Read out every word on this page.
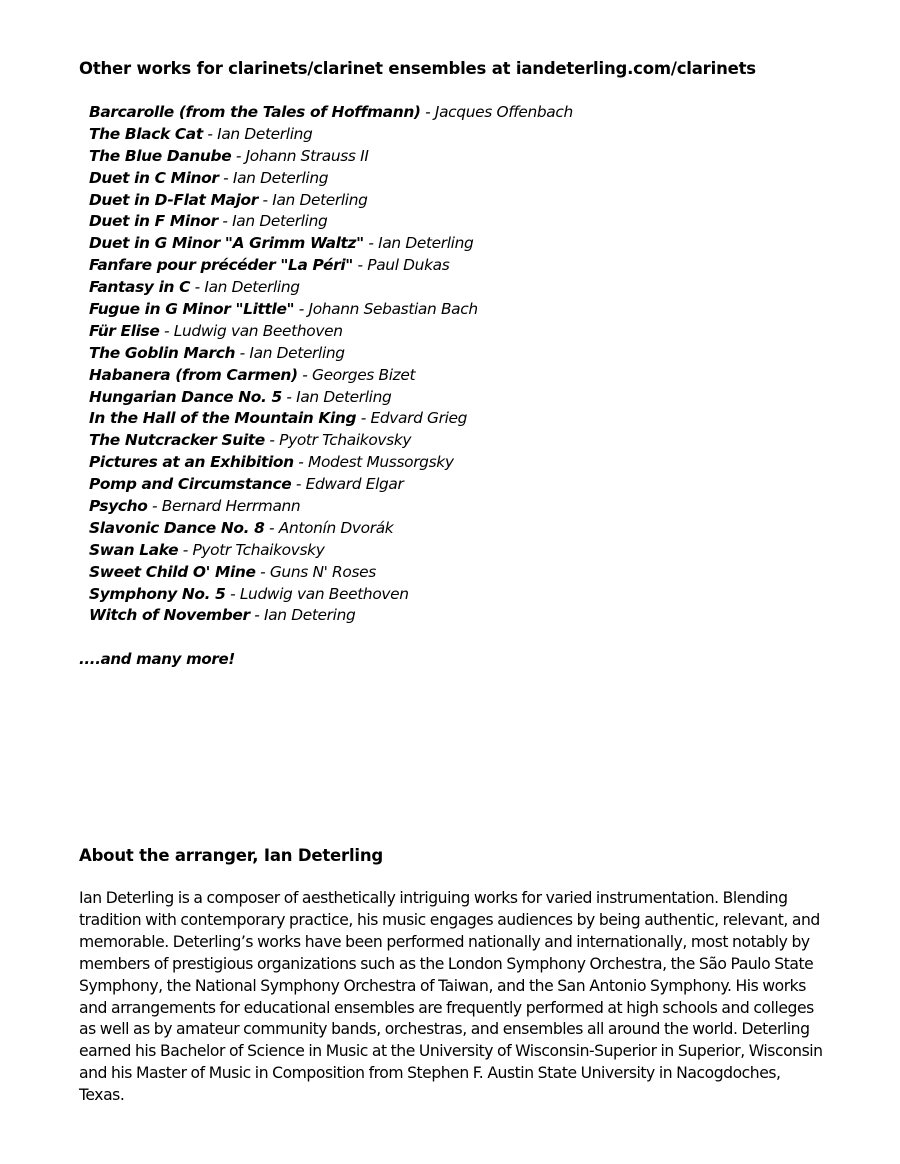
Other works for clarinets/clarinet ensembles at iandeterling.com/clarinets
Barcarolle (from the Tales of Hoffmann) - Jacques Offenbach
The Black Cat - Ian Deterling
The Blue Danube - Johann Strauss II
Duet in C Minor - Ian Deterling
Duet in D-Flat Major - Ian Deterling
Duet in F Minor - Ian Deterling
Duet in G Minor "A Grimm Waltz" - Ian Deterling
Fanfare pour précéder "La Péri" - Paul Dukas
Fantasy in C - Ian Deterling
Fugue in G Minor "Little" - Johann Sebastian Bach
Für Elise - Ludwig van Beethoven
The Goblin March - Ian Deterling
Habanera (from Carmen) - Georges Bizet
Hungarian Dance No. 5 - Ian Deterling
In the Hall of the Mountain King - Edvard Grieg
The Nutcracker Suite - Pyotr Tchaikovsky
Pictures at an Exhibition - Modest Mussorgsky
Pomp and Circumstance - Edward Elgar
Psycho - Bernard Herrmann
Slavonic Dance No. 8 - Antonín Dvorák
Swan Lake - Pyotr Tchaikovsky
Sweet Child O' Mine - Guns N' Roses
Symphony No. 5 - Ludwig van Beethoven
Witch of November - Ian Detering

....and many more!

About the arranger, Ian Deterling

Ian Deterling is a composer of aesthetically intriguing works for varied instrumentation. Blending tradition with contemporary practice, his music engages audiences by being authentic, relevant, and memorable. Deterling’s works have been performed nationally and internationally, most notably by members of prestigious organizations such as the London Symphony Orchestra, the São Paulo State Symphony, the National Symphony Orchestra of Taiwan, and the San Antonio Symphony. His works and arrangements for educational ensembles are frequently performed at high schools and colleges as well as by amateur community bands, orchestras, and ensembles all around the world. Deterling earned his Bachelor of Science in Music at the University of Wisconsin-Superior in Superior, Wisconsin and his Master of Music in Composition from Stephen F. Austin State University in Nacogdoches, Texas.
